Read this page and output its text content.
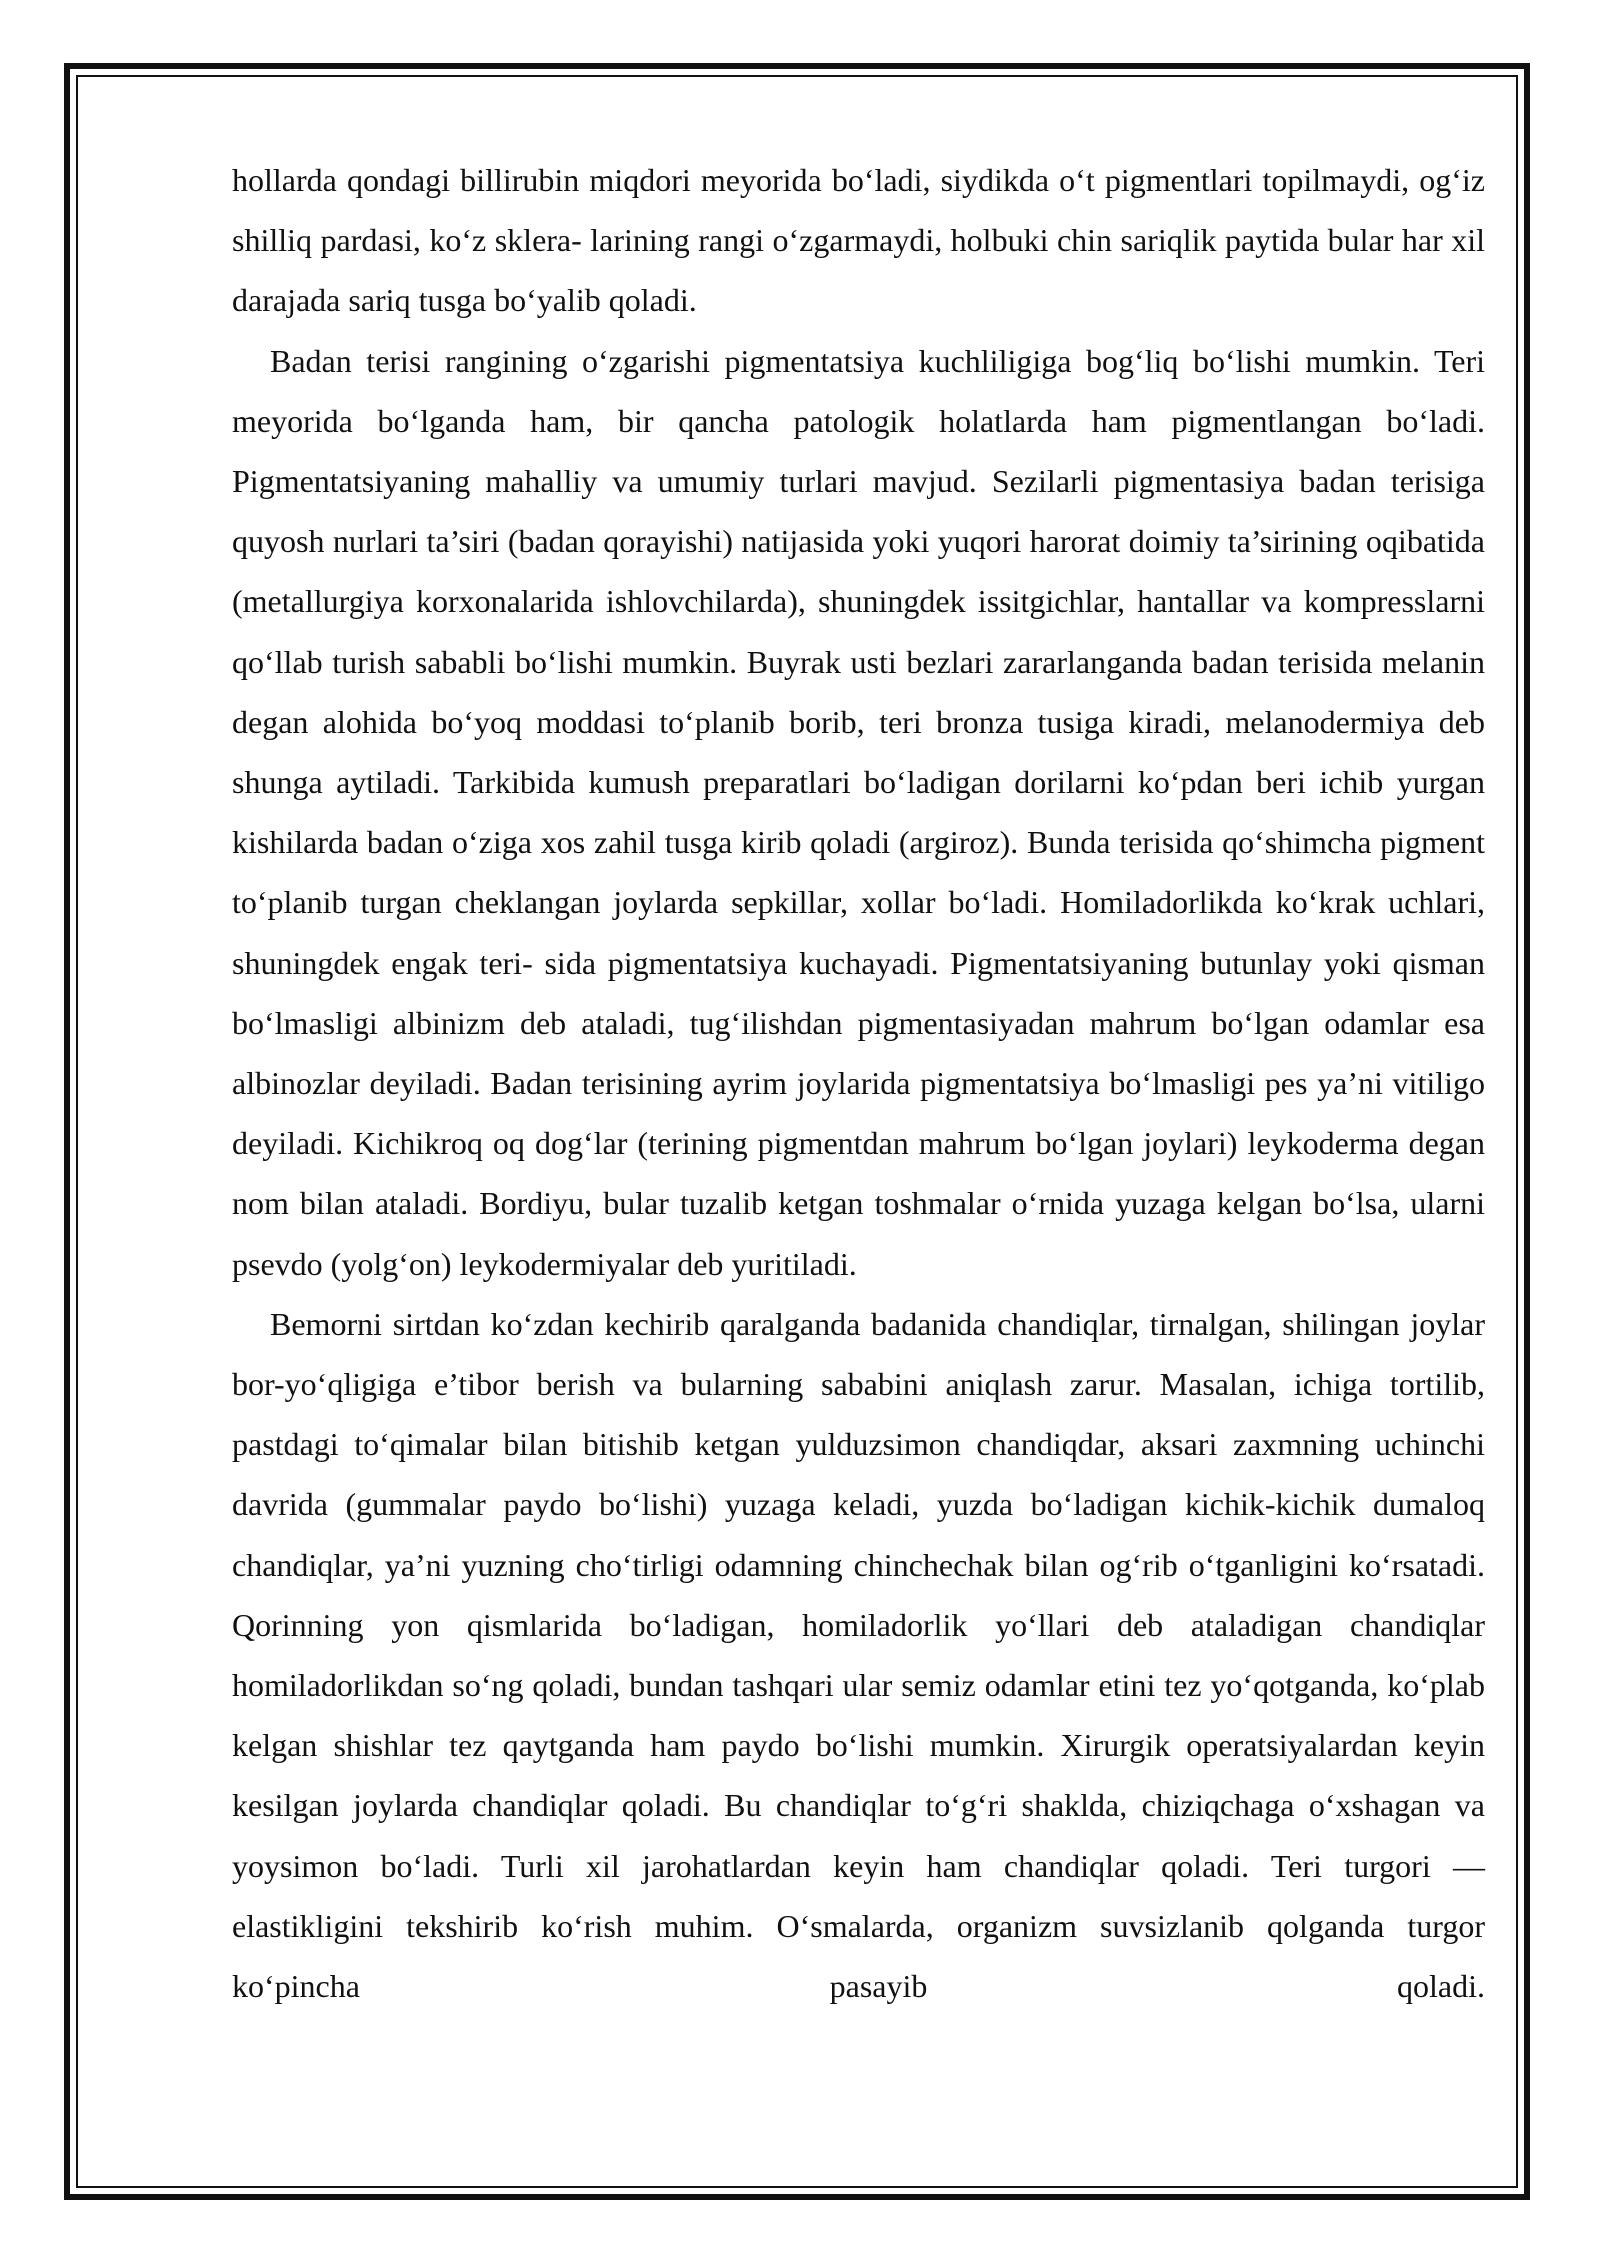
hollarda qondagi billirubin miqdori meyorida bo‘ladi, siydikda o‘t pigmentlari topilmaydi, og‘iz shilliq pardasi, ko‘z sklera- larining rangi o‘zgarmaydi, holbuki chin sariqlik paytida bular har xil darajada sariq tusga bo‘yalib qoladi.

Badan terisi rangining o‘zgarishi pigmentatsiya kuchliligiga bog‘liq bo‘lishi mumkin. Teri meyorida bo‘lganda ham, bir qancha patologik holatlarda ham pigmentlangan bo‘ladi. Pigmentatsiyaning mahalliy va umumiy turlari mavjud. Sezilarli pigmentasiya badan terisiga quyosh nurlari ta’siri (badan qorayishi) natijasida yoki yuqori harorat doimiy ta’sirining oqibatida (metallurgiya korxonalarida ishlovchilarda), shuningdek issitgichlar, hantallar va kompresslarni qo‘llab turish sababli bo‘lishi mumkin. Buyrak usti bezlari zararlanganda badan terisida melanin degan alohida bo‘yoq moddasi to‘planib borib, teri bronza tusiga kiradi, melanodermiya deb shunga aytiladi. Tarkibida kumush preparatlari bo‘ladigan dorilarni ko‘pdan beri ichib yurgan kishilarda badan o‘ziga xos zahil tusga kirib qoladi (argiroz). Bunda terisida qo‘shimcha pigment to‘planib turgan cheklangan joylarda sepkillar, xollar bo‘ladi. Homiladorlikda ko‘krak uchlari, shuningdek engak teri- sida pigmentatsiya kuchayadi. Pigmentatsiyaning butunlay yoki qisman bo‘lmasligi albinizm deb ataladi, tug‘ilishdan pigmentasiyadan mahrum bo‘lgan odamlar esa albinozlar deyiladi. Badan terisining ayrim joylarida pigmentatsiya bo‘lmasligi pes ya’ni vitiligo deyiladi. Kichikroq oq dog‘lar (terining pigmentdan mahrum bo‘lgan joylari) leykoderma degan nom bilan ataladi. Bordiyu, bular tuzalib ketgan toshmalar o‘rnida yuzaga kelgan bo‘lsa, ularni psevdo (yolg‘on) leykodermiyalar deb yuritiladi.

Bemorni sirtdan ko‘zdan kechirib qaralganda badanida chandiqlar, tirnalgan, shilingan joylar bor-yo‘qligiga e’tibor berish va bularning sababini aniqlash zarur. Masalan, ichiga tortilib, pastdagi to‘qimalar bilan bitishib ketgan yulduzsimon chandiqdar, aksari zaxmning uchinchi davrida (gummalar paydo bo‘lishi) yuzaga keladi, yuzda bo‘ladigan kichik-kichik dumaloq chandiqlar, ya’ni yuzning cho‘tirligi odamning chinchechak bilan og‘rib o‘tganligini ko‘rsatadi. Qorinning yon qismlarida bo‘ladigan, homiladorlik yo‘llari deb ataladigan chandiqlar homiladorlikdan so‘ng qoladi, bundan tashqari ular semiz odamlar etini tez yo‘qotganda, ko‘plab kelgan shishlar tez qaytganda ham paydo bo‘lishi mumkin. Xirurgik operatsiyalardan keyin kesilgan joylarda chandiqlar qoladi. Bu chandiqlar to‘g‘ri shaklda, chiziqchaga o‘xshagan va yoysimon bo‘ladi. Turli xil jarohatlardan keyin ham chandiqlar qoladi. Teri turgori — elastikligini tekshirib ko‘rish muhim. O‘smalarda, organizm suvsizlanib qolganda turgor ko‘pincha pasayib qoladi.
